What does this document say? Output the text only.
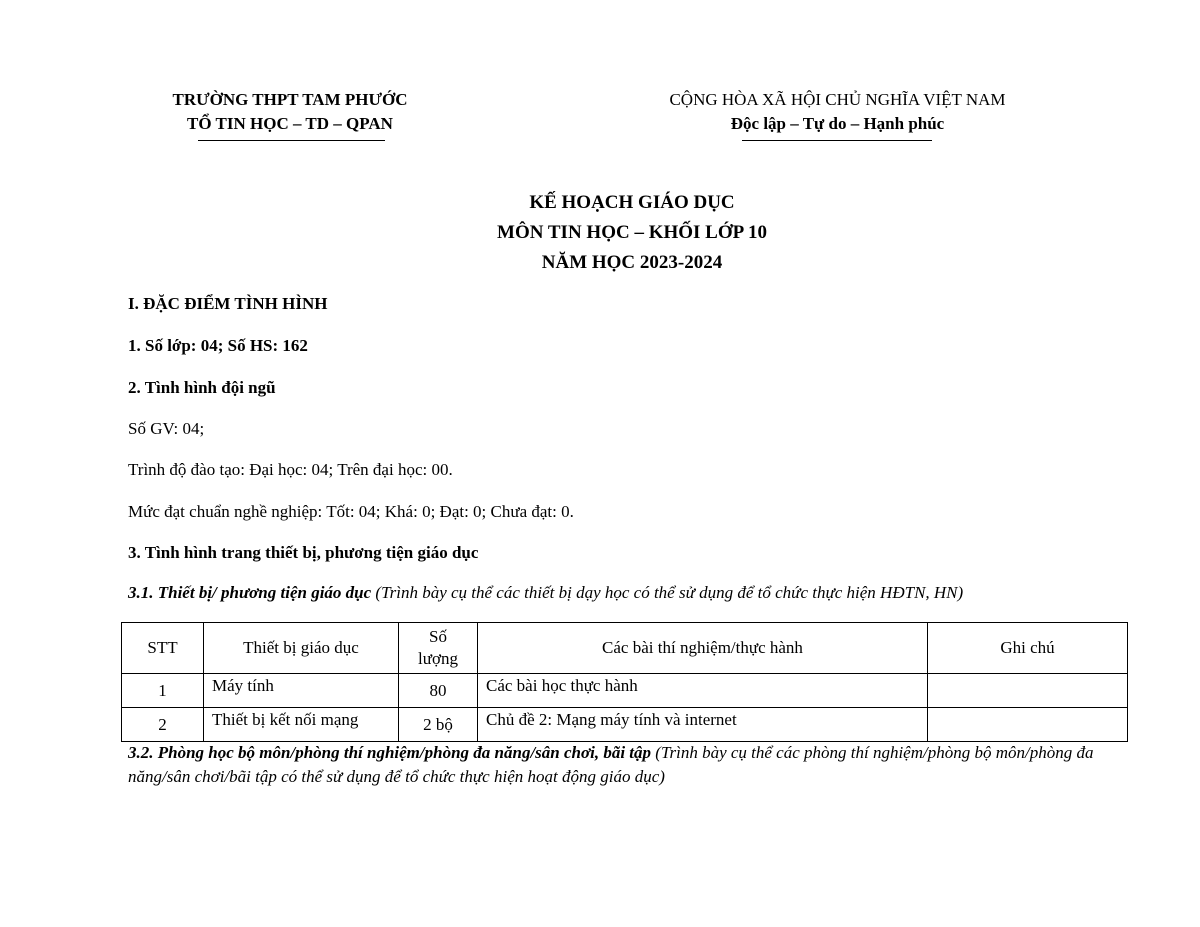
TRƯỜNG THPT TAM PHƯỚC
TỔ TIN HỌC – TD – QPAN
CỘNG HÒA XÃ HỘI CHỦ NGHĨA VIỆT NAM
Độc lập – Tự do – Hạnh phúc
KẾ HOẠCH GIÁO DỤC
MÔN TIN HỌC – KHỐI LỚP 10
NĂM HỌC 2023-2024
I. ĐẶC ĐIỂM TÌNH HÌNH
1. Số lớp: 04; Số HS: 162
2. Tình hình đội ngũ
Số GV: 04;
Trình độ đào tạo: Đại học: 04; Trên đại học: 00.
Mức đạt chuẩn nghề nghiệp: Tốt: 04; Khá: 0; Đạt: 0; Chưa đạt: 0.
3. Tình hình trang thiết bị, phương tiện giáo dục
3.1. Thiết bị/ phương tiện giáo dục (Trình bày cụ thể các thiết bị dạy học có thể sử dụng để tổ chức thực hiện HĐTN, HN)
STT	Thiết bị giáo dục	Số lượng	Các bài thí nghiệm/thực hành	Ghi chú
1	Máy tính	80	Các bài học thực hành	
2	Thiết bị kết nối mạng	2 bộ	Chủ đề 2: Mạng máy tính và internet	
3.2. Phòng học bộ môn/phòng thí nghiệm/phòng đa năng/sân chơi, bãi tập (Trình bày cụ thể các phòng thí nghiệm/phòng bộ môn/phòng đa năng/sân chơi/bãi tập có thể sử dụng để tổ chức thực hiện hoạt động giáo dục)
